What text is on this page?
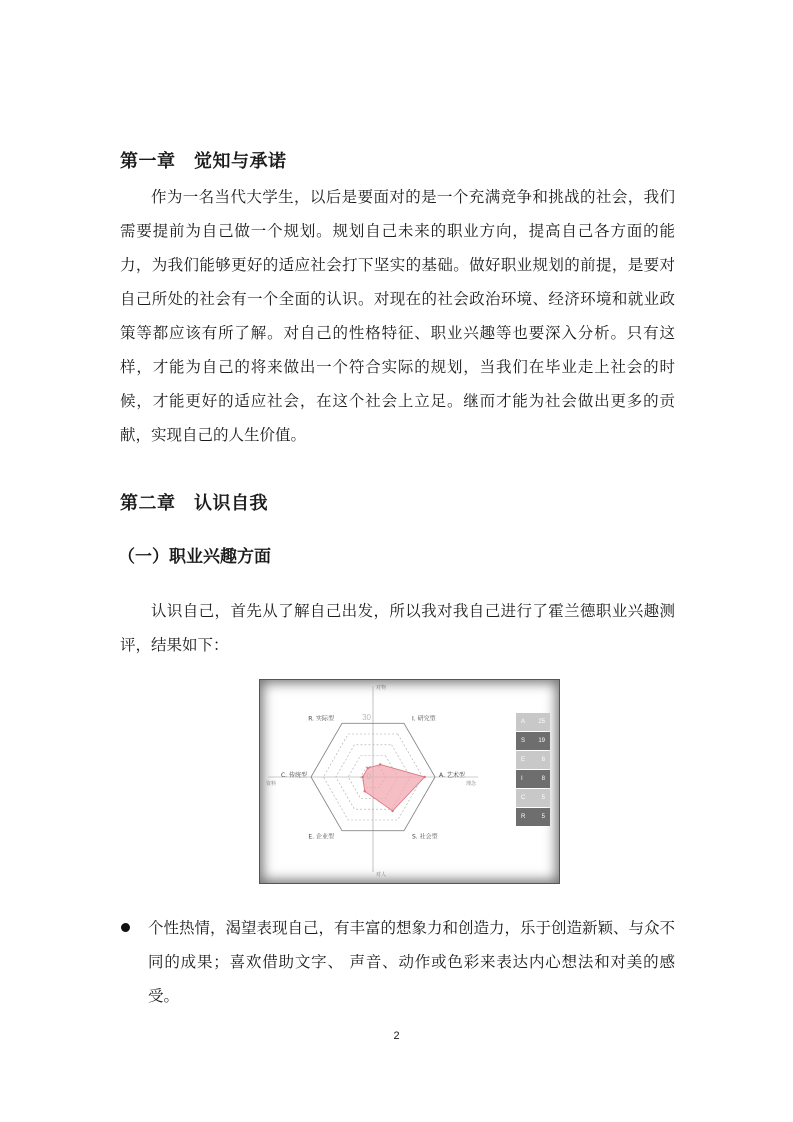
第一章　觉知与承诺
作为一名当代大学生，以后是要面对的是一个充满竞争和挑战的社会，我们需要提前为自己做一个规划。规划自己未来的职业方向，提高自己各方面的能力，为我们能够更好的适应社会打下坚实的基础。做好职业规划的前提，是要对自己所处的社会有一个全面的认识。对现在的社会政治环境、经济环境和就业政策等都应该有所了解。对自己的性格特征、职业兴趣等也要深入分析。只有这样，才能为自己的将来做出一个符合实际的规划，当我们在毕业走上社会的时候，才能更好的适应社会，在这个社会上立足。继而才能为社会做出更多的贡献，实现自己的人生价值。
第二章　认识自我
（一）职业兴趣方面
认识自己，首先从了解自己出发，所以我对我自己进行了霍兰德职业兴趣测评，结果如下：
I. 研究型
A. 艺术型
S. 社会型
E. 企业型
C. 传统型
R. 实际型	30
0
对物
对人
资料	理念
A 25
S 19
E	8
I	8
C	5
R	5
个性热情，渴望表现自己，有丰富的想象力和创造力，乐于创造新颖、与众不同的成果；喜欢借助文字、 声音、动作或色彩来表达内心想法和对美的感受。
2
